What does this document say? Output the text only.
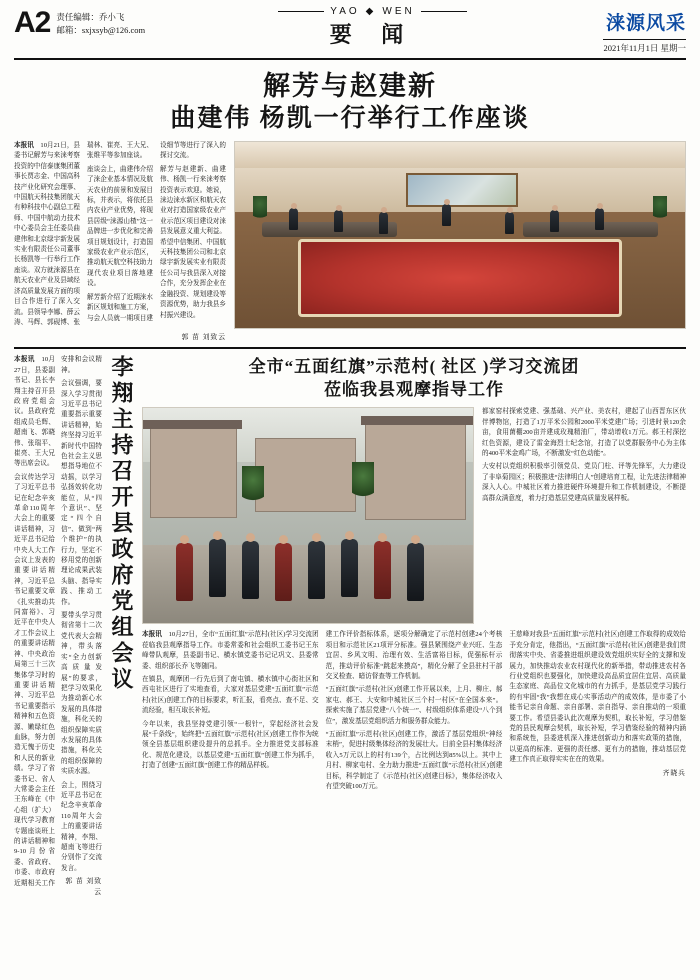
A2 责任编辑：乔小飞
邮箱：sxjxsyb@126.com
YAO ◆ WEN
要 闻	涞源风采
2021年11月1日 星期一
解芳与赵建新
曲建伟 杨凯一行举行工作座谈

本报讯　 10月21日，县委书记解芳与来涞考察投资的中信泰康集团董事长贾志金、中国高科技产业化研究会理事、中国航天科技集团航天有种科技中心副总工程师、中国中航动力技术中心委员会主任委员曲建伟和北京绿宇新发展实业有限责任公司董事长杨凯等一行举行工作座谈。双方就涞源县在航天农业产业及县域经济高质量发展方面的项目合作进行了深入交流。县领导李娜、薛云涛、马辉、郭砚博、张瑞林、崔亮、王大兄、张维平等参加座谈。

座谈会上，曲建伟介绍了涞企业基本情况及航天农业的前景和发展目标，并表示，将依托县内农业产业优势，将现县居级“涞源山楂”这一品牌进一步优化和完善项目规划设计，打造国家级农业产业示范区，推动航天航空科技助力现代农业项目落地建设。

解芳新介绍了近期涞水新区规划和施工方案，与会人员就一期项目建设细节等进行了深入的探讨交流。

解芳与赵建新、曲建伟、杨凯一行来涞考察投资表示欢迎。她说，涞边涞水新区和航天农业对打造国家级农业产业示范区项目建设对涞县发展意义重大利益。希望中信集团、中国航天科技集团公司和北京绿宇新发展实业有限责任公司与我县深入对接合作，充分发挥企业在金融投资、规划建设等资源优势，助力我县乡村振兴建设。

郭 苗 刘致云

本报讯　 10月27日，县委副书记、县长李翔主持召开县政府党组会议。县政府党组成员毛辉、超南飞、郭晓伟、张瑞平、崔亮、王大兄等出席会议。

会议传达学习了习近平总书记在纪念辛亥革命110周年大会上的重要讲话精神，习近平总书记给中央人大工作会议上发表的重要讲话精神，习近平总书记重要文章《扎实推动共同富裕》、习近平在中央人才工作会议上的重要讲话精神、中央政治局第三十三次集体学习时的重要讲话精神、习近平总书记重要指示精神和五色资源、嫩绿红色血脉，努力创造无愧于历史和人民的新业绩。学习了省委书记、省人大常委会主任王东峰在《中心组（扩大）现代学习教育专题座谈班上的讲话精神和9-10月份省委、省政府、市委、市政府近期相关工作安排和会议精神。

会议强调，要深入学习贯彻习近平总书记重要指示重要讲话精神，始终坚持习近平新时代中国特色社会主义思想指导地位不动摇，以学习弘扬效转化功能位，从“四个意识”、坚定“四个自信”、做到“两个维护”的执行力，坚定不移用党的创新理论成果武装头脑、指导实践、推动工作。

要带头学习贯彻省第十二次党代表大会精神，带头落实“全力创新高质量发展”的要求，把学习效果化为推动新心水发展的具体措施，科化关的组织保障实质水发展的具体措施，科化关的组织保障的实质水源。

会上，围绕习近平总书记在纪念辛亥革命110周年大会上的重要讲话精神，李翔、超南飞等进行分别作了交流发言。

郭 苗 刘致云
李翔主持召开县政府党组会议	全市“五面红旗”示范村( 社区 )学习交流团
莅临我县观摩指导工作

都家窑村探索党建、强基础、兴产业、美农村，建起了山西晋东区伙伴博物馆，打造了1万平米公园和2000平米党建广场；引进时景120余亩，食用菌棚200亩并建成玫瑰精油厂，带动增收1万元。郝王村深挖红色资源，建设了雷金海烈士纪念馆，打造了以党群服务中心为主体的400平米金鸡广场，不断激发“红色动能”。

大安村以党组织积极率引领党员、党员门柱、评等先锋军，大力建设了非阜菊园区；积极推进“法律明白人”创建培育工程，让先进法律精神深入人心。中城社区着力推进硬件环境提升和工作机制建设，不断提高群众满意度，着力打造基层党建高质量发展样板。

本报讯　 10月27日，全市“五面红旗”示范村(社区)学习交流团莅临我县观摩指导工作。市委常委和社会组织工委书记王东峰带队观摩，县委副书记、横水镇党委书记记巩文、县委常委、组织部长乔飞等随同。

在镇县，观摩团一行先后到了南屯镇、横水镇中心街社区和西屯社区进行了实地查看，大家对基层党建“五面红旗”示范村(社区)创建工作的目标要求，听汇报，看亮点、查不足、交流经验，相互取长补短。

今年以来，我县坚持党建引领“一根针”，穿起经济社会发展“千条线”，始终把“五面红旗”示范村(社区)创建工作作为统领全县基层组织建设提升的总抓手。全力推进党支部标准化、规范化建设，以基层党建“五面红旗”创建工作为抓手，打造了创建“五面红旗”创建工作的精品样板。

建工作评价指标体系，逐项分解确定了示范村创建24个考核项目和示范社区21项评分标准。强县紧围绕产业兴旺、生态宜居、乡风文明、治理有效、生活富裕目标，促强标杆示范，推动评价标准“跳起来摸高”，精化分解了全县驻村干部交叉检查、暗访督查等工作机制。

“五面红旗”示范村(社区)创建工作开展以来，上月、柳庄、郝家屯、郝王、大安和中城社区三个村一村区“在全国本来”。探索实施了基层党建“八个统一”、村级组织体系建设“八个到位”，激发基层党组织活力和服务群众能力。

“五面红旗”示范村(社区)创建工作，激活了基层党组织“神经末梢”，促进村级集体经济的发展壮大。目前全县村集体经济收入5万元以上的村有139个，占比例达到85%以上。其中上月村、柳家屯村、全力助力推进“五面红旗”示范村(社区)创建目标，科学制定了《示范村(社区)创建目标》，集体经济收入有望突破100万元。

王慈峰对我县“五面红旗”示范村(社区)创建工作取得的成效给予充分肯定，他指出，“五面红旗”示范村(社区)创建是我们贯彻落实中央、省委推进组织建设效党组织实好全的支撑和发展力，加快推动农业农村现代化的新举措，带动推进农村各行业党组织也要强化，加快建设高品质宜居住宜居、高质量生态家庭、高品位文化城市的有力抓手，是基层党学习践行的有牢固“我”我想在成心实事活动产的成效体，是市委了小能书记亲自命题、亲自部署、亲自指导、亲自推动的一项重要工作。希望县委认此次观摩为契机，取长补短，学习借鉴党的县民观摩会契机，取长补短，学习借鉴经验的精神内涵和系统性，县委进机深入推进创新动力和落实政策的措施，以更高的标准、更强的责任感、更有力的措施，推动基层党建工作真正取得实实在在的效果。

齐晓兵
